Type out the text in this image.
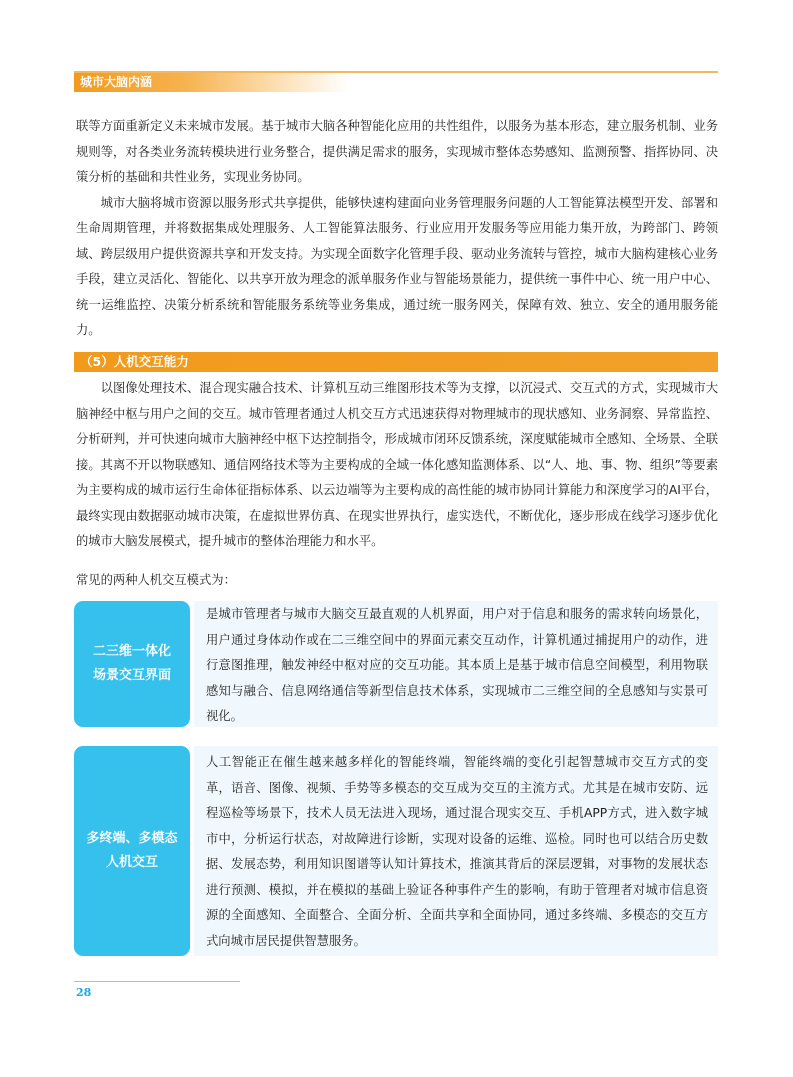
城市大脑内涵

联等方面重新定义未来城市发展。基于城市大脑各种智能化应用的共性组件，以服务为基本形态，建立服务机制、业务规则等，对各类业务流转模块进行业务整合，提供满足需求的服务，实现城市整体态势感知、监测预警、指挥协同、决策分析的基础和共性业务，实现业务协同。

城市大脑将城市资源以服务形式共享提供，能够快速构建面向业务管理服务问题的人工智能算法模型开发、部署和生命周期管理，并将数据集成处理服务、人工智能算法服务、行业应用开发服务等应用能力集开放，为跨部门、跨领域、跨层级用户提供资源共享和开发支持。为实现全面数字化管理手段、驱动业务流转与管控，城市大脑构建核心业务手段，建立灵活化、智能化、以共享开放为理念的派单服务作业与智能场景能力，提供统一事件中心、统一用户中心、统一运维监控、决策分析系统和智能服务系统等业务集成，通过统一服务网关，保障有效、独立、安全的通用服务能力。

（5）人机交互能力

以图像处理技术、混合现实融合技术、计算机互动三维图形技术等为支撑，以沉浸式、交互式的方式，实现城市大脑神经中枢与用户之间的交互。城市管理者通过人机交互方式迅速获得对物理城市的现状感知、业务洞察、异常监控、分析研判，并可快速向城市大脑神经中枢下达控制指令，形成城市闭环反馈系统，深度赋能城市全感知、全场景、全联接。其离不开以物联感知、通信网络技术等为主要构成的全域一体化感知监测体系、以“人、地、事、物、组织”等要素为主要构成的城市运行生命体征指标体系、以云边端等为主要构成的高性能的城市协同计算能力和深度学习的AI平台，最终实现由数据驱动城市决策，在虚拟世界仿真、在现实世界执行，虚实迭代，不断优化，逐步形成在线学习逐步优化的城市大脑发展模式，提升城市的整体治理能力和水平。

常见的两种人机交互模式为：
二三维一体化
场景交互界面
是城市管理者与城市大脑交互最直观的人机界面，用户对于信息和服务的需求转向场景化，用户通过身体动作或在二三维空间中的界面元素交互动作，计算机通过捕捉用户的动作，进行意图推理，触发神经中枢对应的交互功能。其本质上是基于城市信息空间模型，利用物联感知与融合、信息网络通信等新型信息技术体系，实现城市二三维空间的全息感知与实景可视化。
多终端、多模态
人机交互
人工智能正在催生越来越多样化的智能终端，智能终端的变化引起智慧城市交互方式的变革，语音、图像、视频、手势等多模态的交互成为交互的主流方式。尤其是在城市安防、远程巡检等场景下，技术人员无法进入现场，通过混合现实交互、手机APP方式，进入数字城市中，分析运行状态，对故障进行诊断，实现对设备的运维、巡检。同时也可以结合历史数据、发展态势，利用知识图谱等认知计算技术，推演其背后的深层逻辑，对事物的发展状态进行预测、模拟，并在模拟的基础上验证各种事件产生的影响，有助于管理者对城市信息资源的全面感知、全面整合、全面分析、全面共享和全面协同，通过多终端、多模态的交互方式向城市居民提供智慧服务。
28
